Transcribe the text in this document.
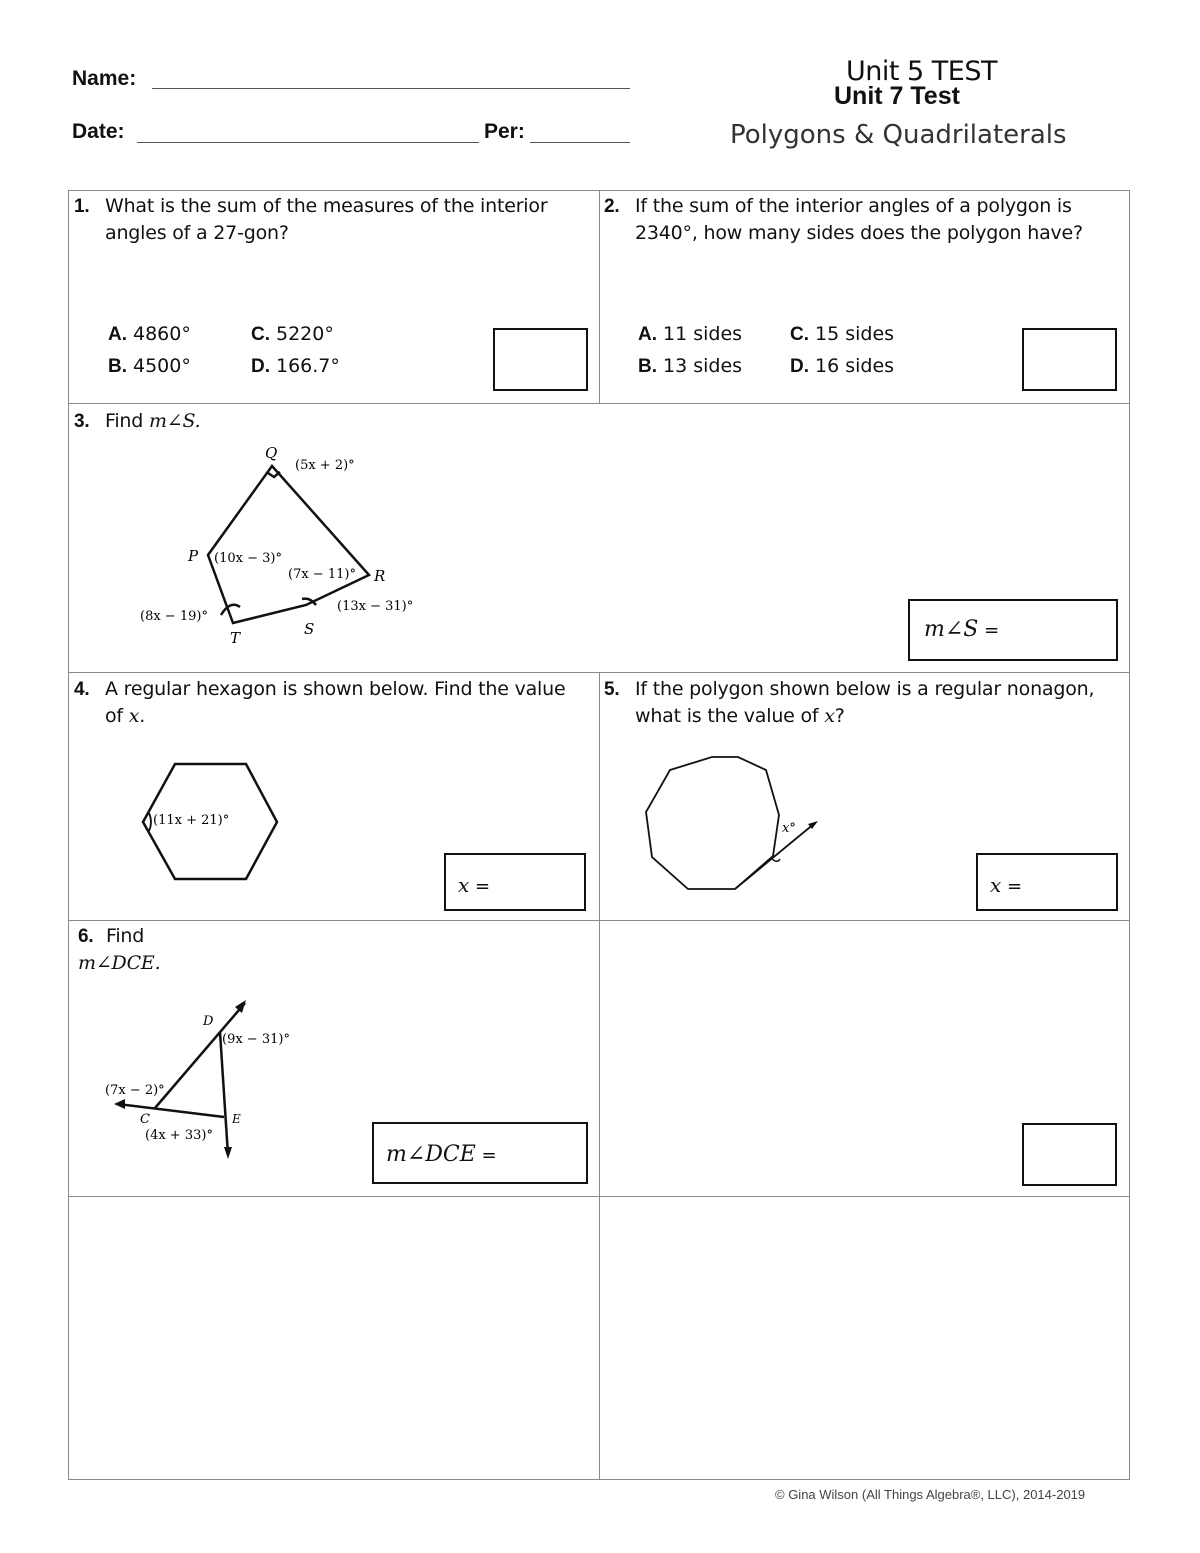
Name:
Date:	Per:
Unit 7 Test
Unit 5 TEST
Polygons & Quadrilaterals
1. What is the sum of the measures of the interior angles of a 27-gon?
A. 4860°
B. 4500°
C. 5220°
D. 166.7°
2. If the sum of the interior angles of a polygon is 2340°, how many sides does the polygon have?
A. 11 sides
B. 13 sides
C. 15 sides
D. 16 sides
3. Find m∠S.
Q
(5x + 2)°
P (10x − 3)°
(7x − 11)° R
(13x − 31)°
S
(8x − 19)°
T	m∠S =
4. A regular hexagon is shown below. Find the value of x.
(11x + 21)°
x =
5. If the polygon shown below is a regular nonagon, what is the value of x?
x°
x =
6. Find
m∠DCE.
D
(9x − 31)°
(7x − 2)°
C	E
(4x + 33)°
m∠DCE =
© Gina Wilson (All Things Algebra®, LLC), 2014-2019
